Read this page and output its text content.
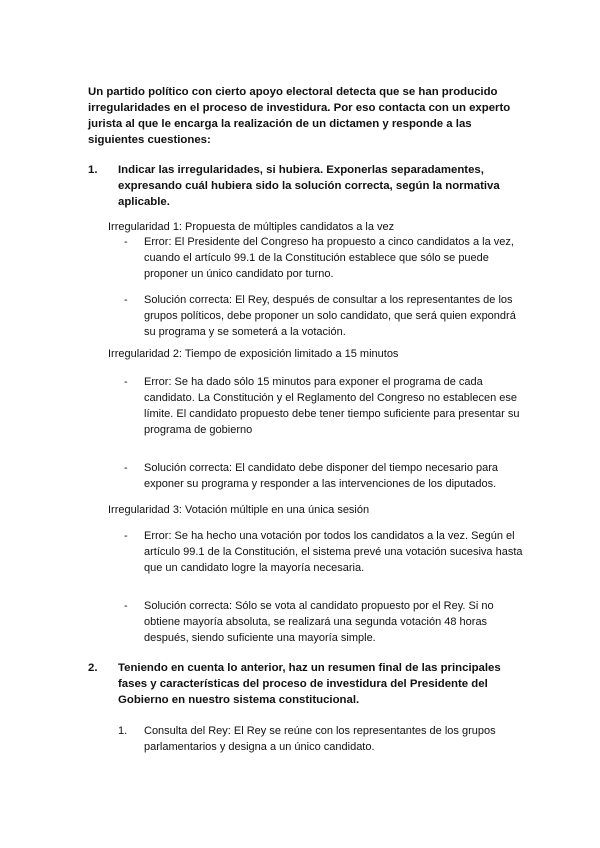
Un partido político con cierto apoyo electoral detecta que se han producido irregularidades en el proceso de investidura. Por eso contacta con un experto jurista al que le encarga la realización de un dictamen y responde a las siguientes cuestiones:
1.	Indicar las irregularidades, si hubiera. Exponerlas separadamentes, expresando cuál hubiera sido la solución correcta, según la normativa aplicable.
Irregularidad 1: Propuesta de múltiples candidatos a la vez
- Error: El Presidente del Congreso ha propuesto a cinco candidatos a la vez, cuando el artículo 99.1 de la Constitución establece que sólo se puede proponer un único candidato por turno.
- Solución correcta: El Rey, después de consultar a los representantes de los grupos políticos, debe proponer un solo candidato, que será quien expondrá su programa y se someterá a la votación.
Irregularidad 2: Tiempo de exposición limitado a 15 minutos
- Error: Se ha dado sólo 15 minutos para exponer el programa de cada candidato. La Constitución y el Reglamento del Congreso no establecen ese límite. El candidato propuesto debe tener tiempo suficiente para presentar su programa de gobierno
- Solución correcta: El candidato debe disponer del tiempo necesario para exponer su programa y responder a las intervenciones de los diputados.
Irregularidad 3: Votación múltiple en una única sesión
- Error: Se ha hecho una votación por todos los candidatos a la vez. Según el artículo 99.1 de la Constitución, el sistema prevé una votación sucesiva hasta que un candidato logre la mayoría necesaria.
- Solución correcta: Sólo se vota al candidato propuesto por el Rey. Si no obtiene mayoría absoluta, se realizará una segunda votación 48 horas después, siendo suficiente una mayoría simple.
2.	Teniendo en cuenta lo anterior, haz un resumen final de las principales fases y características del proceso de investidura del Presidente del Gobierno en nuestro sistema constitucional.
1. Consulta del Rey: El Rey se reúne con los representantes de los grupos parlamentarios y designa a un único candidato.
